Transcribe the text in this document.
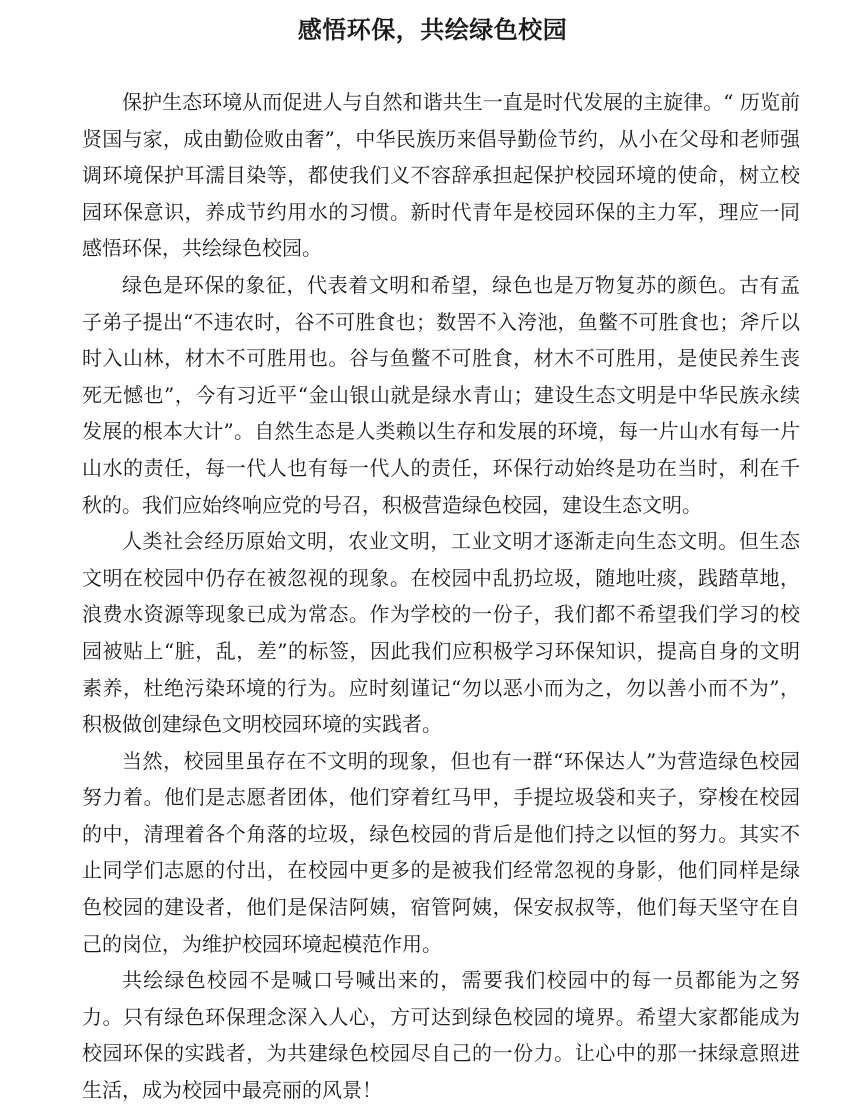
感悟环保，共绘绿色校园

保护生态环境从而促进人与自然和谐共生一直是时代发展的主旋律。“ 历览前贤国与家，成由勤俭败由奢”，中华民族历来倡导勤俭节约，从小在父母和老师强调环境保护耳濡目染等，都使我们义不容辞承担起保护校园环境的使命，树立校园环保意识，养成节约用水的习惯。新时代青年是校园环保的主力军，理应一同感悟环保，共绘绿色校园。

绿色是环保的象征，代表着文明和希望，绿色也是万物复苏的颜色。古有孟子弟子提出“不违农时，谷不可胜食也；数罟不入洿池，鱼鳖不可胜食也；斧斤以时入山林，材木不可胜用也。谷与鱼鳖不可胜食，材木不可胜用，是使民养生丧死无憾也”，今有习近平“金山银山就是绿水青山；建设生态文明是中华民族永续发展的根本大计”。自然生态是人类赖以生存和发展的环境，每一片山水有每一片山水的责任，每一代人也有每一代人的责任，环保行动始终是功在当时，利在千秋的。我们应始终响应党的号召，积极营造绿色校园，建设生态文明。

人类社会经历原始文明，农业文明，工业文明才逐渐走向生态文明。但生态文明在校园中仍存在被忽视的现象。在校园中乱扔垃圾，随地吐痰，践踏草地，浪费水资源等现象已成为常态。作为学校的一份子，我们都不希望我们学习的校园被贴上“脏，乱，差”的标签，因此我们应积极学习环保知识，提高自身的文明素养，杜绝污染环境的行为。应时刻谨记“勿以恶小而为之，勿以善小而不为”，积极做创建绿色文明校园环境的实践者。

当然，校园里虽存在不文明的现象，但也有一群“环保达人”为营造绿色校园努力着。他们是志愿者团体，他们穿着红马甲，手提垃圾袋和夹子，穿梭在校园的中，清理着各个角落的垃圾，绿色校园的背后是他们持之以恒的努力。其实不止同学们志愿的付出，在校园中更多的是被我们经常忽视的身影，他们同样是绿色校园的建设者，他们是保洁阿姨，宿管阿姨，保安叔叔等，他们每天坚守在自己的岗位，为维护校园环境起模范作用。

共绘绿色校园不是喊口号喊出来的，需要我们校园中的每一员都能为之努力。只有绿色环保理念深入人心，方可达到绿色校园的境界。希望大家都能成为校园环保的实践者，为共建绿色校园尽自己的一份力。让心中的那一抹绿意照进生活，成为校园中最亮丽的风景！
